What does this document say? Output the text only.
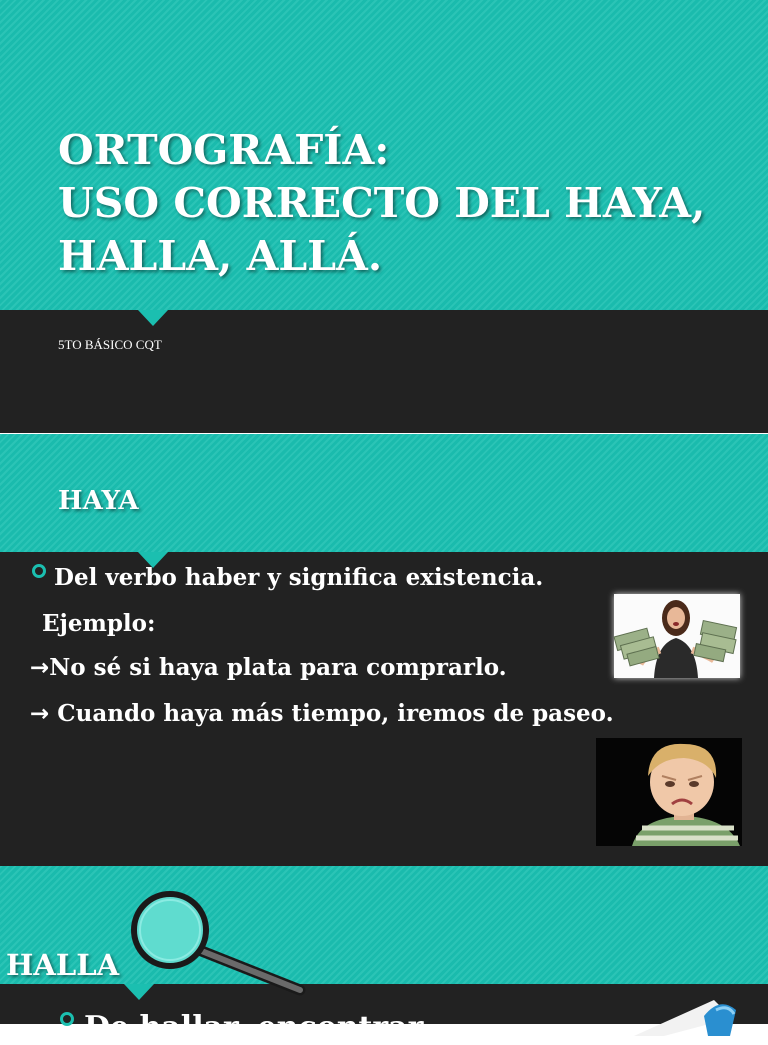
ORTOGRAFÍA:
USO CORRECTO DEL HAYA,
HALLA, ALLÁ.
5TO BÁSICO CQT
HAYA
Del verbo haber y significa existencia.
Ejemplo:
→No sé si haya plata para comprarlo.
→ Cuando haya más tiempo, iremos de paseo.
HALLA
De hallar, encontrar.
